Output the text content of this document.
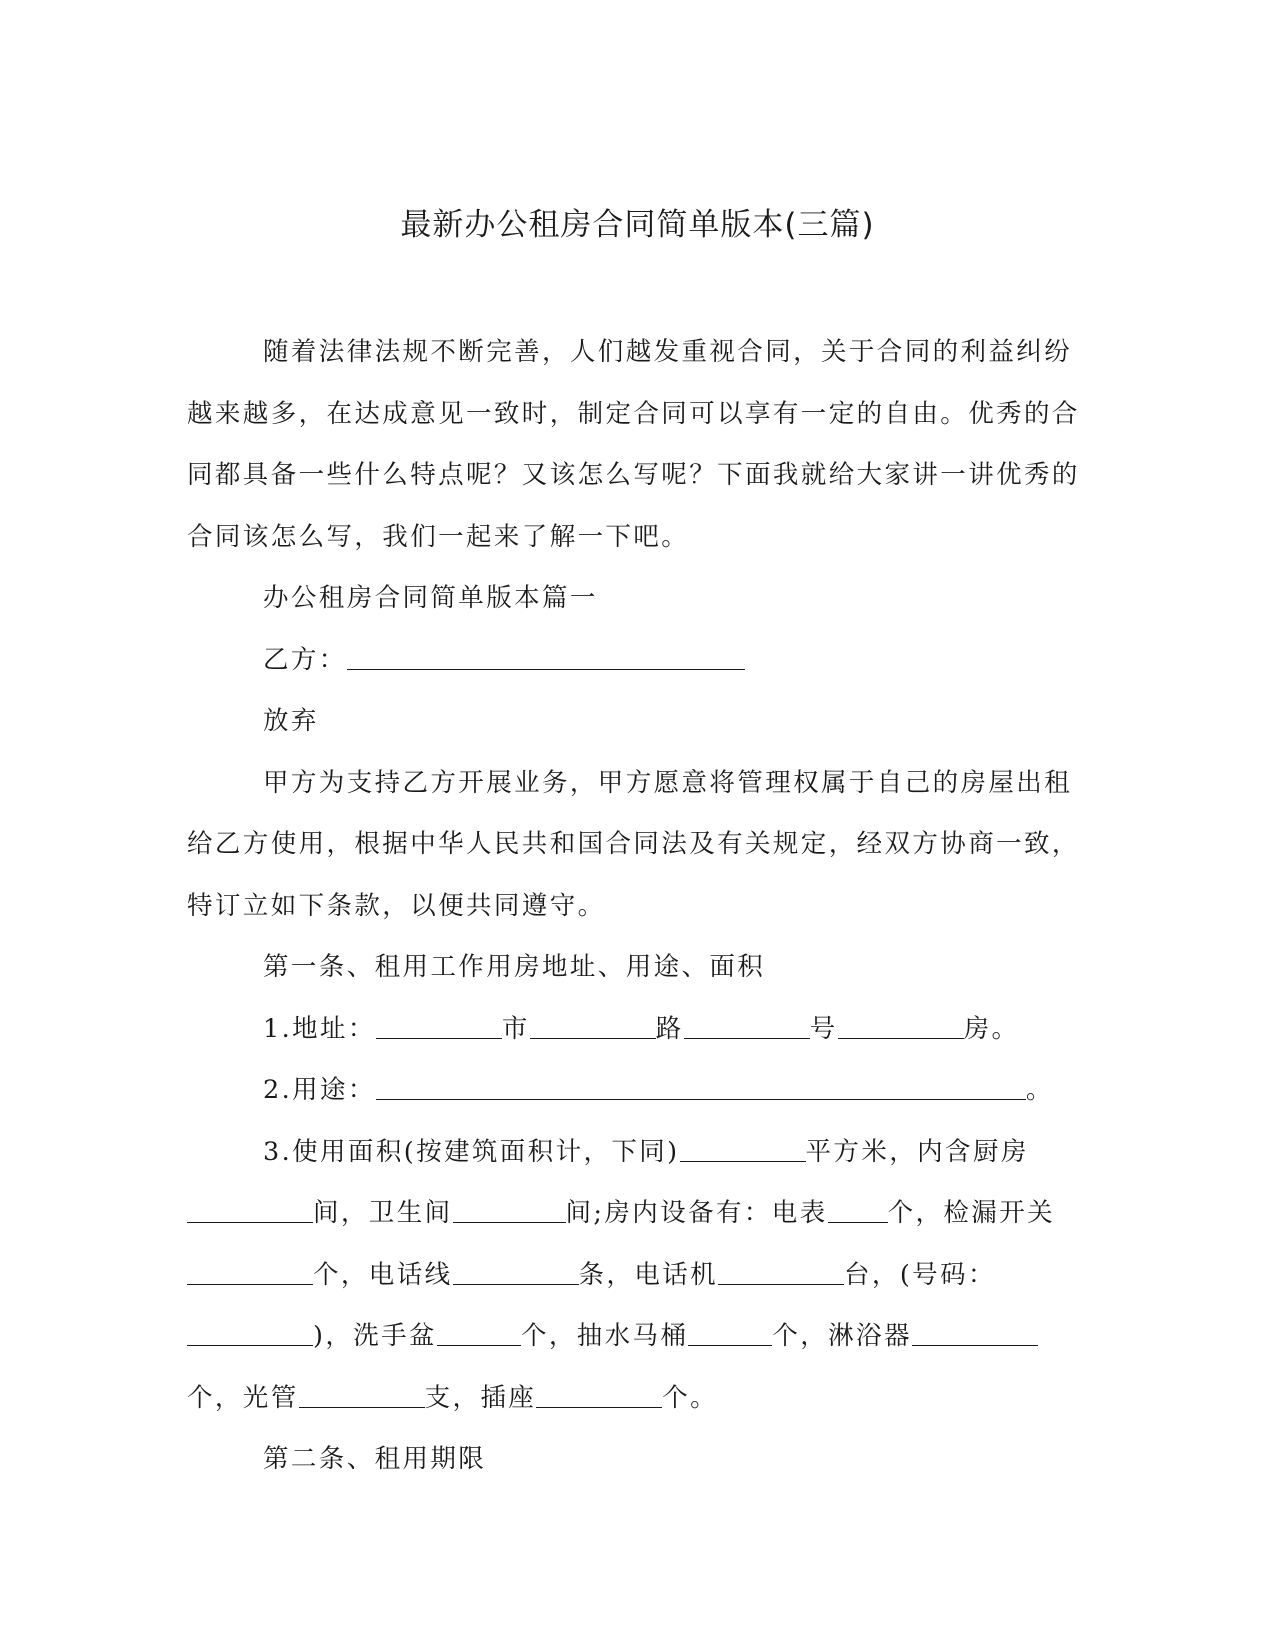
最新办公租房合同简单版本(三篇)

随着法律法规不断完善，人们越发重视合同，关于合同的利益纠纷越来越多，在达成意见一致时，制定合同可以享有一定的自由。优秀的合同都具备一些什么特点呢？又该怎么写呢？下面我就给大家讲一讲优秀的合同该怎么写，我们一起来了解一下吧。

办公租房合同简单版本篇一

乙方：

放弃

甲方为支持乙方开展业务，甲方愿意将管理权属于自己的房屋出租给乙方使用，根据中华人民共和国合同法及有关规定，经双方协商一致，特订立如下条款，以便共同遵守。

第一条、租用工作用房地址、用途、面积

1.地址：	市	路	号	房。

2.用途：	。

3.使用面积(按建筑面积计，下同)	平方米，内含厨房间，卫生间	间;房内设备有：电表 个，检漏开关个，电话线	条，电话机	台，(号码：)，洗手盆	个，抽水马桶	个，淋浴器个，光管	支，插座	个。

第二条、租用期限
